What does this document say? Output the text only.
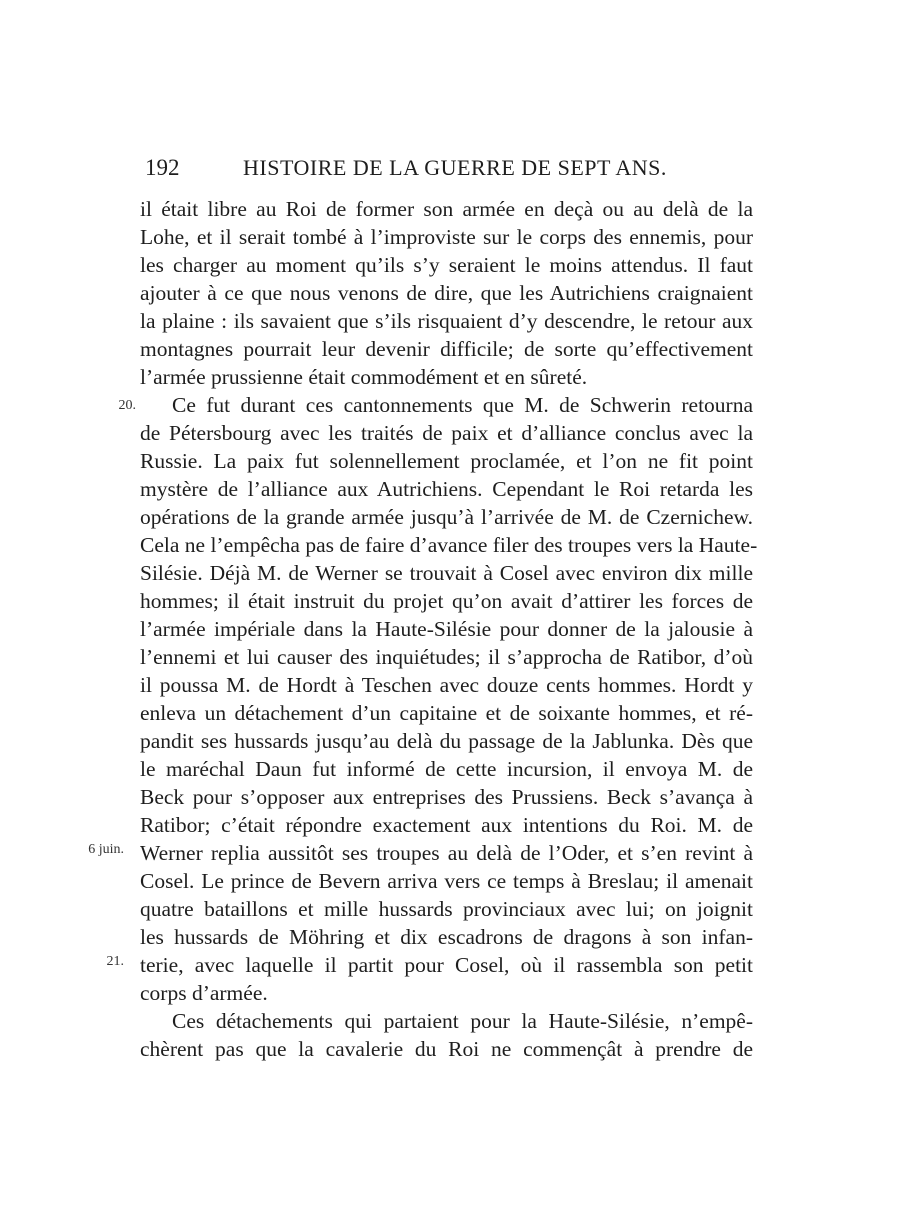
192	HISTOIRE DE LA GUERRE DE SEPT ANS.
20.
6 juin.
21.
il était libre au Roi de former son armée en deçà ou au delà de la
Lohe, et il serait tombé à l’improviste sur le corps des ennemis, pour
les charger au moment qu’ils s’y seraient le moins attendus. Il faut
ajouter à ce que nous venons de dire, que les Autrichiens craignaient
la plaine : ils savaient que s’ils risquaient d’y descendre, le retour aux
montagnes pourrait leur devenir difficile; de sorte qu’effectivement
l’armée prussienne était commodément et en sûreté.
Ce fut durant ces cantonnements que M. de Schwerin retourna
de Pétersbourg avec les traités de paix et d’alliance conclus avec la
Russie. La paix fut solennellement proclamée, et l’on ne fit point
mystère de l’alliance aux Autrichiens. Cependant le Roi retarda les
opérations de la grande armée jusqu’à l’arrivée de M. de Czernichew.
Cela ne l’empêcha pas de faire d’avance filer des troupes vers la Haute-
Silésie. Déjà M. de Werner se trouvait à Cosel avec environ dix mille
hommes; il était instruit du projet qu’on avait d’attirer les forces de
l’armée impériale dans la Haute-Silésie pour donner de la jalousie à
l’ennemi et lui causer des inquiétudes; il s’approcha de Ratibor, d’où
il poussa M. de Hordt à Teschen avec douze cents hommes. Hordt y
enleva un détachement d’un capitaine et de soixante hommes, et ré-
pandit ses hussards jusqu’au delà du passage de la Jablunka. Dès que
le maréchal Daun fut informé de cette incursion, il envoya M. de
Beck pour s’opposer aux entreprises des Prussiens. Beck s’avança à
Ratibor; c’était répondre exactement aux intentions du Roi. M. de
Werner replia aussitôt ses troupes au delà de l’Oder, et s’en revint à
Cosel. Le prince de Bevern arriva vers ce temps à Breslau; il amenait
quatre bataillons et mille hussards provinciaux avec lui; on joignit
les hussards de Möhring et dix escadrons de dragons à son infan-
terie, avec laquelle il partit pour Cosel, où il rassembla son petit
corps d’armée.
Ces détachements qui partaient pour la Haute-Silésie, n’empê-
chèrent pas que la cavalerie du Roi ne commençât à prendre de
